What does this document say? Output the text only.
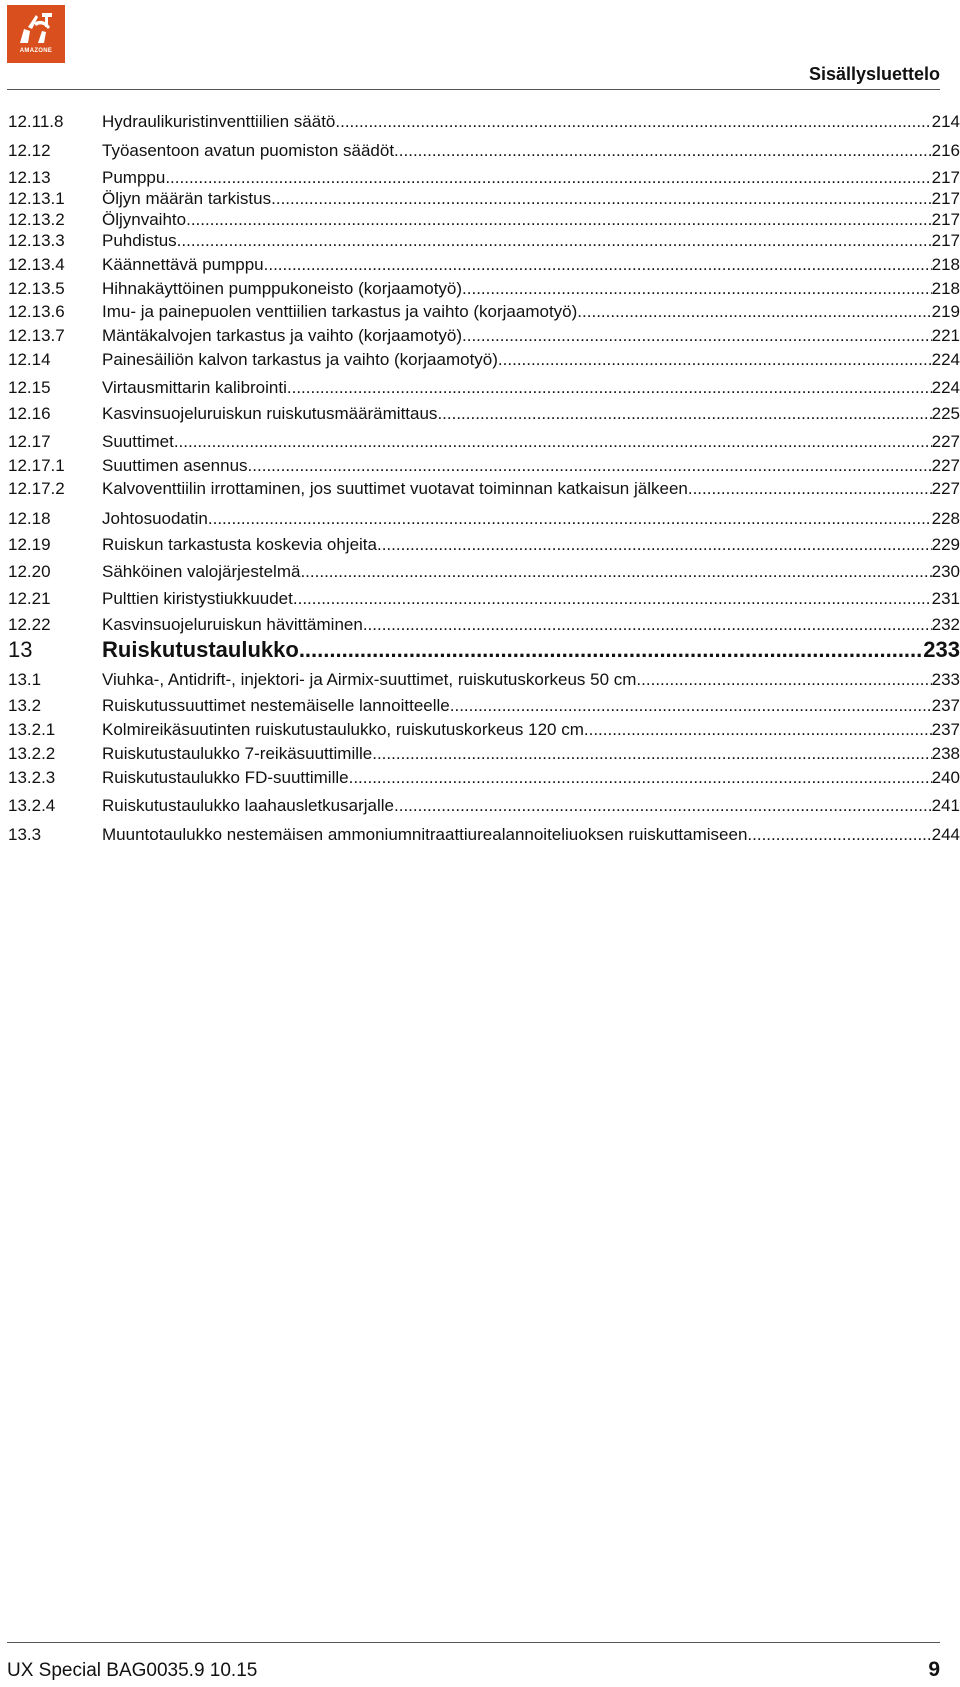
AMAZONE
Sisällysluettelo
12.11.8	Hydraulikuristinventtiilien säätö .....	214
12.12	Työasentoon avatun puomiston säädöt .....	216
12.13	Pumppu .....	217
12.13.1	Öljyn määrän tarkistus .....	217
12.13.2	Öljynvaihto .....	217
12.13.3	Puhdistus .....	217
12.13.4	Käännettävä pumppu .....	218
12.13.5	Hihnakäyttöinen pumppukoneisto (korjaamotyö) .....	218
12.13.6	Imu- ja painepuolen venttiilien tarkastus ja vaihto (korjaamotyö) .....	219
12.13.7	Mäntäkalvojen tarkastus ja vaihto (korjaamotyö) .....	221
12.14	Painesäiliön kalvon tarkastus ja vaihto (korjaamotyö) .....	224
12.15	Virtausmittarin kalibrointi .....	224
12.16	Kasvinsuojeluruiskun ruiskutusmäärämittaus .....	225
12.17	Suuttimet .....	227
12.17.1	Suuttimen asennus .....	227
12.17.2	Kalvoventtiilin irrottaminen, jos suuttimet vuotavat toiminnan katkaisun jälkeen .....	227
12.18	Johtosuodatin .....	228
12.19	Ruiskun tarkastusta koskevia ohjeita .....	229
12.20	Sähköinen valojärjestelmä .....	230
12.21	Pulttien kiristystiukkuudet .....	231
12.22	Kasvinsuojeluruiskun hävittäminen .....	232
13	Ruiskutustaulukko .....	233
13.1	Viuhka-, Antidrift-, injektori- ja Airmix-suuttimet, ruiskutuskorkeus 50 cm .....	233
13.2	Ruiskutussuuttimet nestemäiselle lannoitteelle .....	237
13.2.1	Kolmireikäsuutinten ruiskutustaulukko, ruiskutuskorkeus 120 cm .....	237
13.2.2	Ruiskutustaulukko 7-reikäsuuttimille .....	238
13.2.3	Ruiskutustaulukko FD-suuttimille .....	240
13.2.4	Ruiskutustaulukko laahausletkusarjalle .....	241
13.3	Muuntotaulukko nestemäisen ammoniumnitraattiurealannoiteliuoksen ruiskuttamiseen .....	244
UX Special BAG0035.9 10.15	9
